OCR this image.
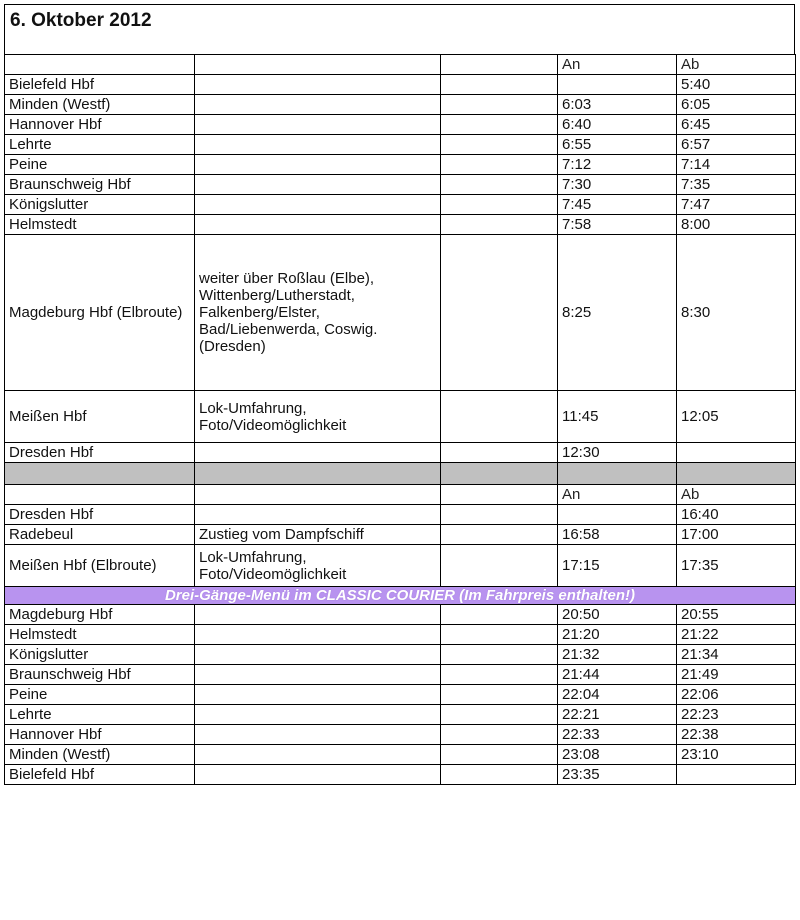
6. Oktober 2012
			An	Ab
Bielefeld Hbf				5:40
Minden (Westf)			6:03	6:05
Hannover Hbf			6:40	6:45
Lehrte			6:55	6:57
Peine			7:12	7:14
Braunschweig Hbf			7:30	7:35
Königslutter			7:45	7:47
Helmstedt			7:58	8:00
Magdeburg Hbf (Elbroute)	weiter über Roßlau (Elbe), Wittenberg/Lutherstadt, Falkenberg/Elster, Bad/Liebenwerda, Coswig.(Dresden)		8:25	8:30
Meißen Hbf	Lok-Umfahrung, Foto/Videomöglichkeit		11:45	12:05
Dresden Hbf			12:30	

			An	Ab
Dresden Hbf				16:40
Radebeul	Zustieg vom Dampfschiff		16:58	17:00
Meißen Hbf (Elbroute)	Lok-Umfahrung, Foto/Videomöglichkeit		17:15	17:35
Drei-Gänge-Menü im CLASSIC COURIER (Im Fahrpreis enthalten!)				
Magdeburg Hbf			20:50	20:55
Helmstedt			21:20	21:22
Königslutter			21:32	21:34
Braunschweig Hbf			21:44	21:49
Peine			22:04	22:06
Lehrte			22:21	22:23
Hannover Hbf			22:33	22:38
Minden (Westf)			23:08	23:10
Bielefeld Hbf			23:35	
